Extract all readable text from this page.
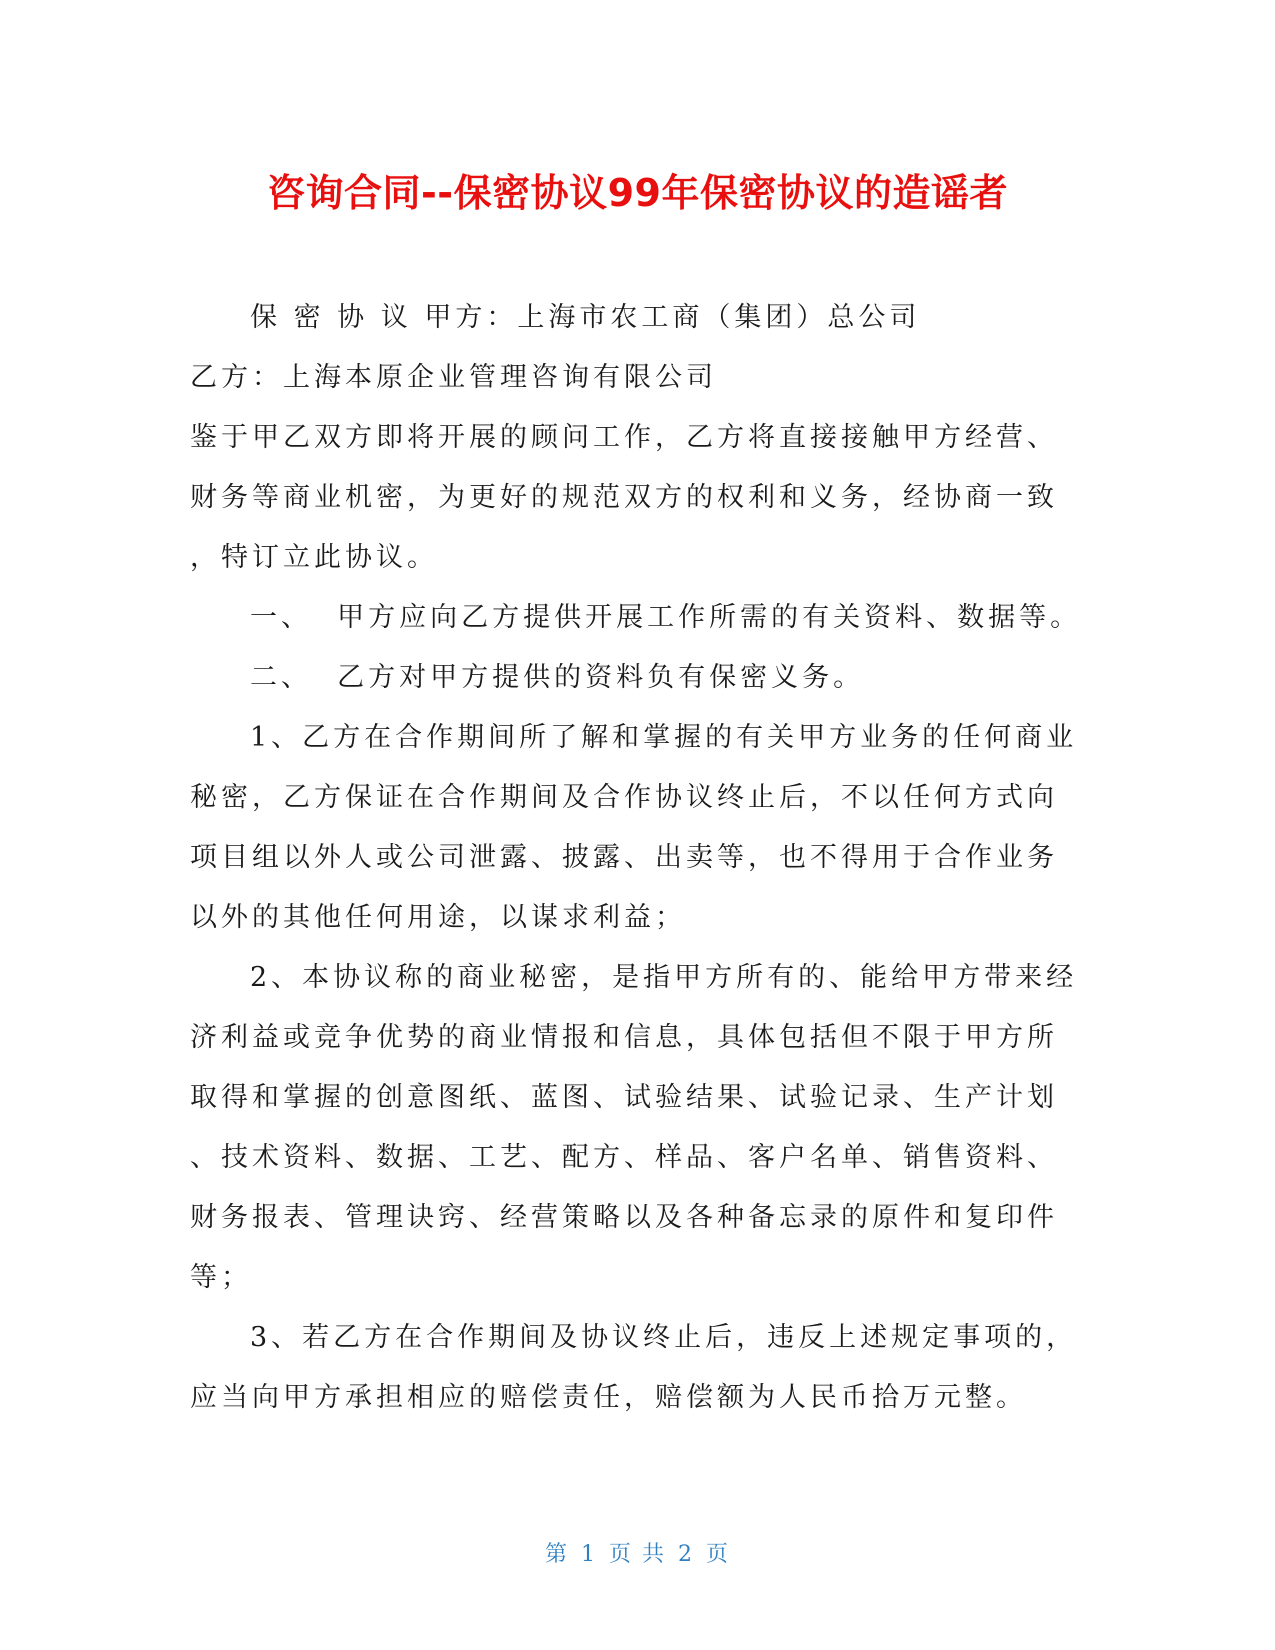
咨询合同--保密协议99年保密协议的造谣者

保 密 协 议 甲方：上海市农工商（集团）总公司

乙方：上海本原企业管理咨询有限公司

鉴于甲乙双方即将开展的顾问工作，乙方将直接接触甲方经营、

财务等商业机密，为更好的规范双方的权利和义务，经协商一致

，特订立此协议。

一、  甲方应向乙方提供开展工作所需的有关资料、数据等。

二、  乙方对甲方提供的资料负有保密义务。

1、乙方在合作期间所了解和掌握的有关甲方业务的任何商业

秘密，乙方保证在合作期间及合作协议终止后，不以任何方式向

项目组以外人或公司泄露、披露、出卖等，也不得用于合作业务

以外的其他任何用途，以谋求利益；

2、本协议称的商业秘密，是指甲方所有的、能给甲方带来经

济利益或竞争优势的商业情报和信息，具体包括但不限于甲方所

取得和掌握的创意图纸、蓝图、试验结果、试验记录、生产计划

、技术资料、数据、工艺、配方、样品、客户名单、销售资料、

财务报表、管理诀窍、经营策略以及各种备忘录的原件和复印件

等；

3、若乙方在合作期间及协议终止后，违反上述规定事项的，

应当向甲方承担相应的赔偿责任，赔偿额为人民币拾万元整。

第 1 页 共 2 页
